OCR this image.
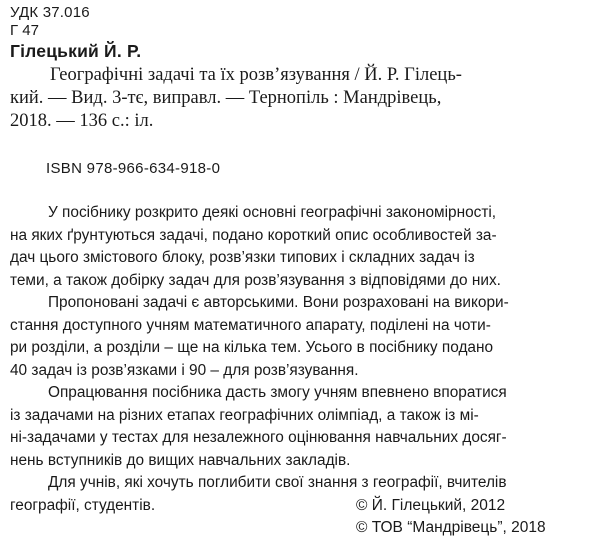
УДК 37.016
Г 47
Гілецький Й. Р.
Географічні задачі та їх розв’язування / Й. Р. Гілець-
кий. — Вид. 3-тє, виправл. — Тернопіль : Мандрівець,
2018. — 136 с.: іл.
ISBN 978-966-634-918-0
У посібнику розкрито деякі основні географічні закономірності,
на яких ґрунтуються задачі, подано короткий опис особливостей за-
дач цього змістового блоку, розв’язки типових і складних задач із
теми, а також добірку задач для розв’язування з відповідями до них.
Пропоновані задачі є авторськими. Вони розраховані на викори-
стання доступного учням математичного апарату, поділені на чоти-
ри розділи, а розділи – ще на кілька тем. Усього в посібнику подано
40 задач із розв’язками і 90 – для розв’язування.
Опрацювання посібника дасть змогу учням впевнено впоратися
із задачами на різних етапах географічних олімпіад, а також із мі-
ні-задачами у тестах для незалежного оцінювання навчальних досяг-
нень вступників до вищих навчальних закладів.
Для учнів, які хочуть поглибити свої знання з географії, вчителів
географії, студентів.	© Й. Гілецький, 2012
© ТОВ “Мандрівець”, 2018
